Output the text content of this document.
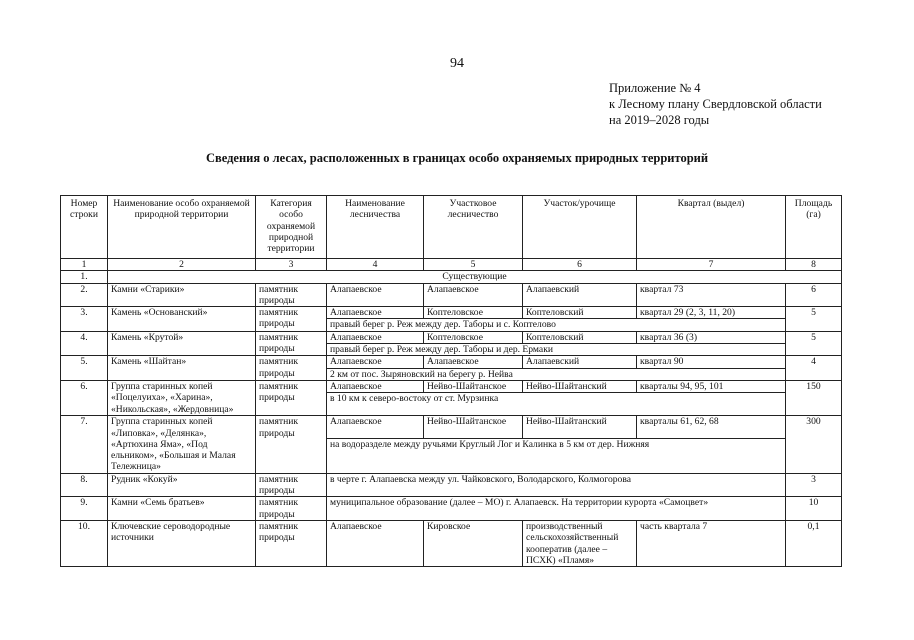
94
Приложение № 4
к Лесному плану Свердловской области
на 2019–2028 годы
Сведения о лесах, расположенных в границах особо охраняемых природных территорий
Номер строки	Наименование особо охраняемой природной территории	Категория особо охраняемой природной территории	Наименование лесничества	Участковое лесничество	Участок/урочище	Квартал (выдел)	Площадь (га)
1	2	3	4	5	6	7	8
1.	Существующие						
2.	Камни «Старики»	памятник природы	Алапаевское	Алапаевское	Алапаевский	квартал 73	6
3.	Камень «Основанский»	памятник природы	Алапаевское	Коптеловское	Коптеловский	квартал 29 (2, 3, 11, 20)	5
			правый берег р. Реж между дер. Таборы и с. Коптелово				
4.	Камень «Крутой»	памятник природы	Алапаевское	Коптеловское	Коптеловский	квартал 36 (3)	5
			правый берег р. Реж между дер. Таборы и дер. Ермаки				
5.	Камень «Шайтан»	памятник природы	Алапаевское	Алапаевское	Алапаевский	квартал 90	4
			2 км от пос. Зыряновский на берегу р. Нейва				
6.	Группа старинных копей «Поцелуиха», «Харина», «Никольская», «Жердовница»	памятник природы	Алапаевское	Нейво-Шайтанское	Нейво-Шайтанский	кварталы 94, 95, 101	150
			в 10 км к северо-востоку от ст. Мурзинка				
7.	Группа старинных копей «Липовка», «Делянка», «Артюхина Яма», «Под ельником», «Большая и Малая Тележница»	памятник природы	Алапаевское	Нейво-Шайтанское	Нейво-Шайтанский	кварталы 61, 62, 68	300
			на водоразделе между ручьями Круглый Лог и Калинка в 5 км от дер. Нижняя				
8.	Рудник «Кокуй»	памятник природы	в черте г. Алапаевска между ул. Чайковского, Володарского, Колмогорова				3
9.	Камни «Семь братьев»	памятник природы	муниципальное образование (далее – МО) г. Алапаевск. На территории курорта «Самоцвет»				10
10.	Ключевские сероводородные источники	памятник природы	Алапаевское	Кировское	производственный сельскохозяйственный кооператив (далее – ПСХК) «Пламя»	часть квартала 7	0,1
